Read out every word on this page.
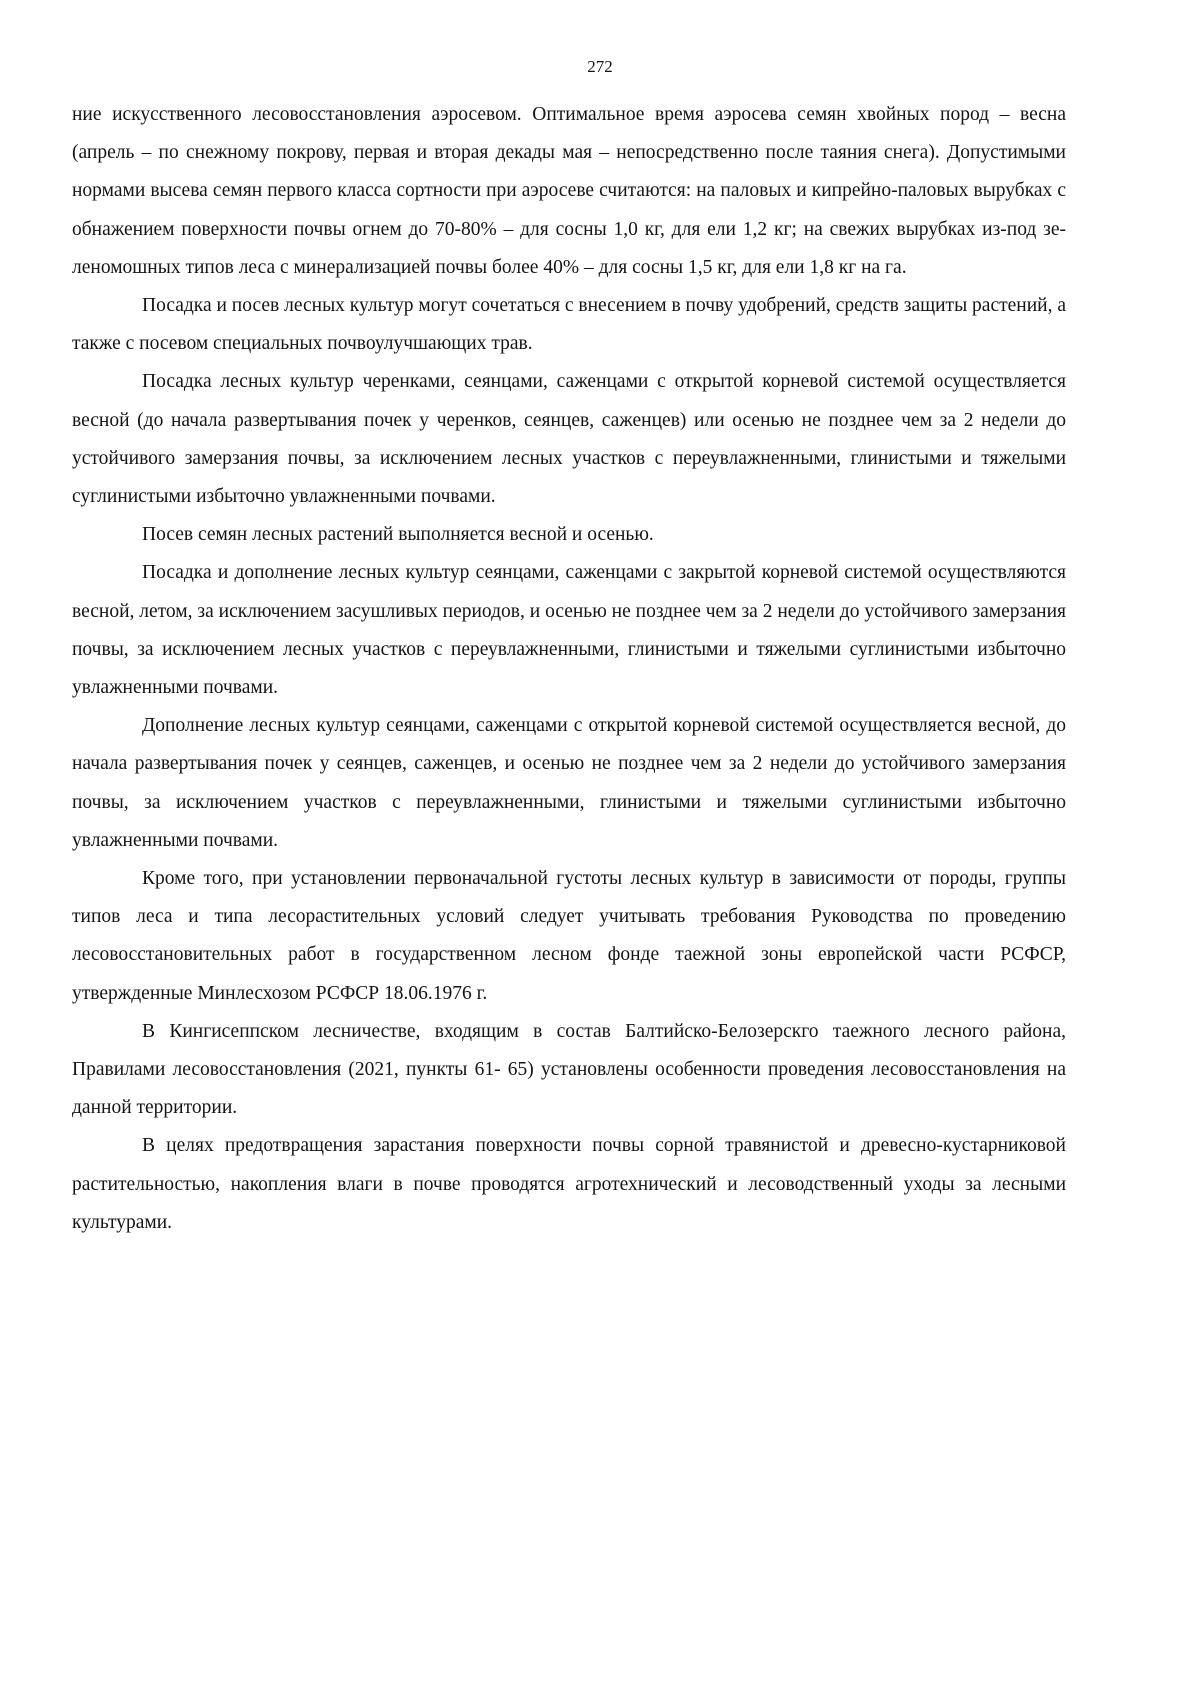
272

ние искусственного лесовосстановления аэросевом. Оптимальное время аэросева семян хвойных пород – весна (апрель – по снежному покрову, первая и вторая декады мая – непосредственно после таяния снега). Допустимыми нормами высева семян первого класса сортности при аэросеве считаются: на паловых и кипрейно-паловых вырубках с обнажением поверхности почвы огнем до 70-80% – для сосны 1,0 кг, для ели 1,2 кг; на свежих вырубках из-под зеленомошных типов леса с минерализацией почвы более 40% – для сосны 1,5 кг, для ели 1,8 кг на га.

Посадка и посев лесных культур могут сочетаться с внесением в почву удобрений, средств защиты растений, а также с посевом специальных почвоулучшающих трав.

Посадка лесных культур черенками, сеянцами, саженцами с открытой корневой системой осуществляется весной (до начала развертывания почек у черенков, сеянцев, саженцев) или осенью не позднее чем за 2 недели до устойчивого замерзания почвы, за исключением лесных участков с переувлажненными, глинистыми и тяжелыми суглинистыми избыточно увлажненными почвами.

Посев семян лесных растений выполняется весной и осенью.

Посадка и дополнение лесных культур сеянцами, саженцами с закрытой корневой системой осуществляются весной, летом, за исключением засушливых периодов, и осенью не позднее чем за 2 недели до устойчивого замерзания почвы, за исключением лесных участков с переувлажненными, глинистыми и тяжелыми суглинистыми избыточно увлажненными почвами.

Дополнение лесных культур сеянцами, саженцами с открытой корневой системой осуществляется весной, до начала развертывания почек у сеянцев, саженцев, и осенью не позднее чем за 2 недели до устойчивого замерзания почвы, за исключением участков с переувлажненными, глинистыми и тяжелыми суглинистыми избыточно увлажненными почвами.

Кроме того, при установлении первоначальной густоты лесных культур в зависимости от породы, группы типов леса и типа лесорастительных условий следует учитывать требования Руководства по проведению лесовосстановительных работ в государственном лесном фонде таежной зоны европейской части РСФСР, утвержденные Минлесхозом РСФСР 18.06.1976 г.

В Кингисеппском лесничестве, входящим в состав Балтийско-Белозерскго таежного лесного района, Правилами лесовосстановления (2021, пункты 61- 65) установлены особенности проведения лесовосстановления на данной территории.

В целях предотвращения зарастания поверхности почвы сорной травянистой и древесно-кустарниковой растительностью, накопления влаги в почве проводятся агротехнический и лесоводственный уходы за лесными культурами.
